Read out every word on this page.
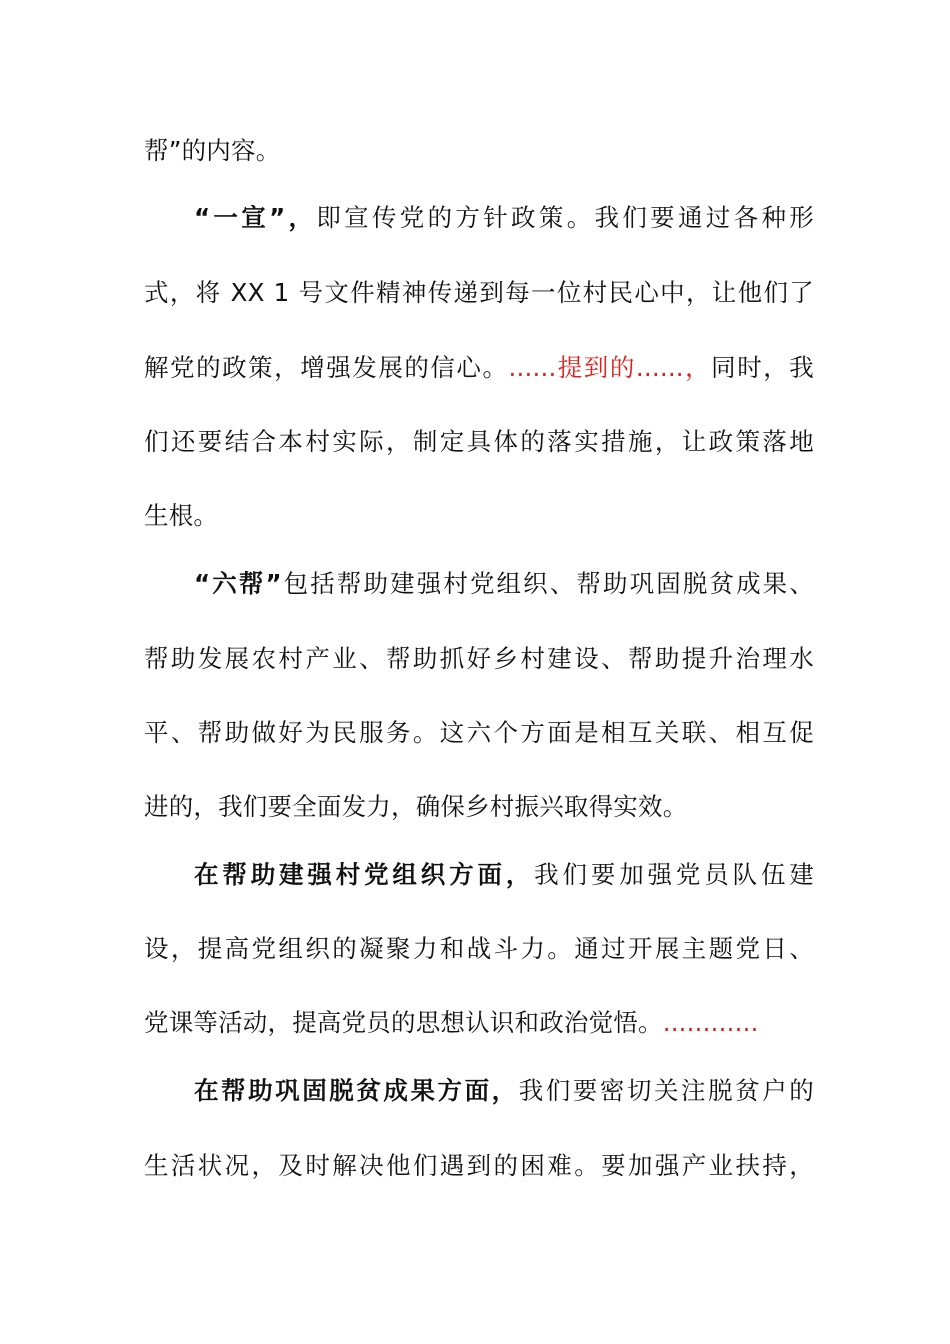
帮”的内容。
“一宣”，即宣传党的方针政策。我们要通过各种形
式，将 XX 1 号文件精神传递到每一位村民心中，让他们了
解党的政策，增强发展的信心。......提到的......，同时，我
们还要结合本村实际，制定具体的落实措施，让政策落地
生根。
“六帮”包括帮助建强村党组织、帮助巩固脱贫成果、
帮助发展农村产业、帮助抓好乡村建设、帮助提升治理水
平、帮助做好为民服务。这六个方面是相互关联、相互促
进的，我们要全面发力，确保乡村振兴取得实效。
在帮助建强村党组织方面，我们要加强党员队伍建
设，提高党组织的凝聚力和战斗力。通过开展主题党日、
党课等活动，提高党员的思想认识和政治觉悟。............
在帮助巩固脱贫成果方面，我们要密切关注脱贫户的
生活状况，及时解决他们遇到的困难。要加强产业扶持，
